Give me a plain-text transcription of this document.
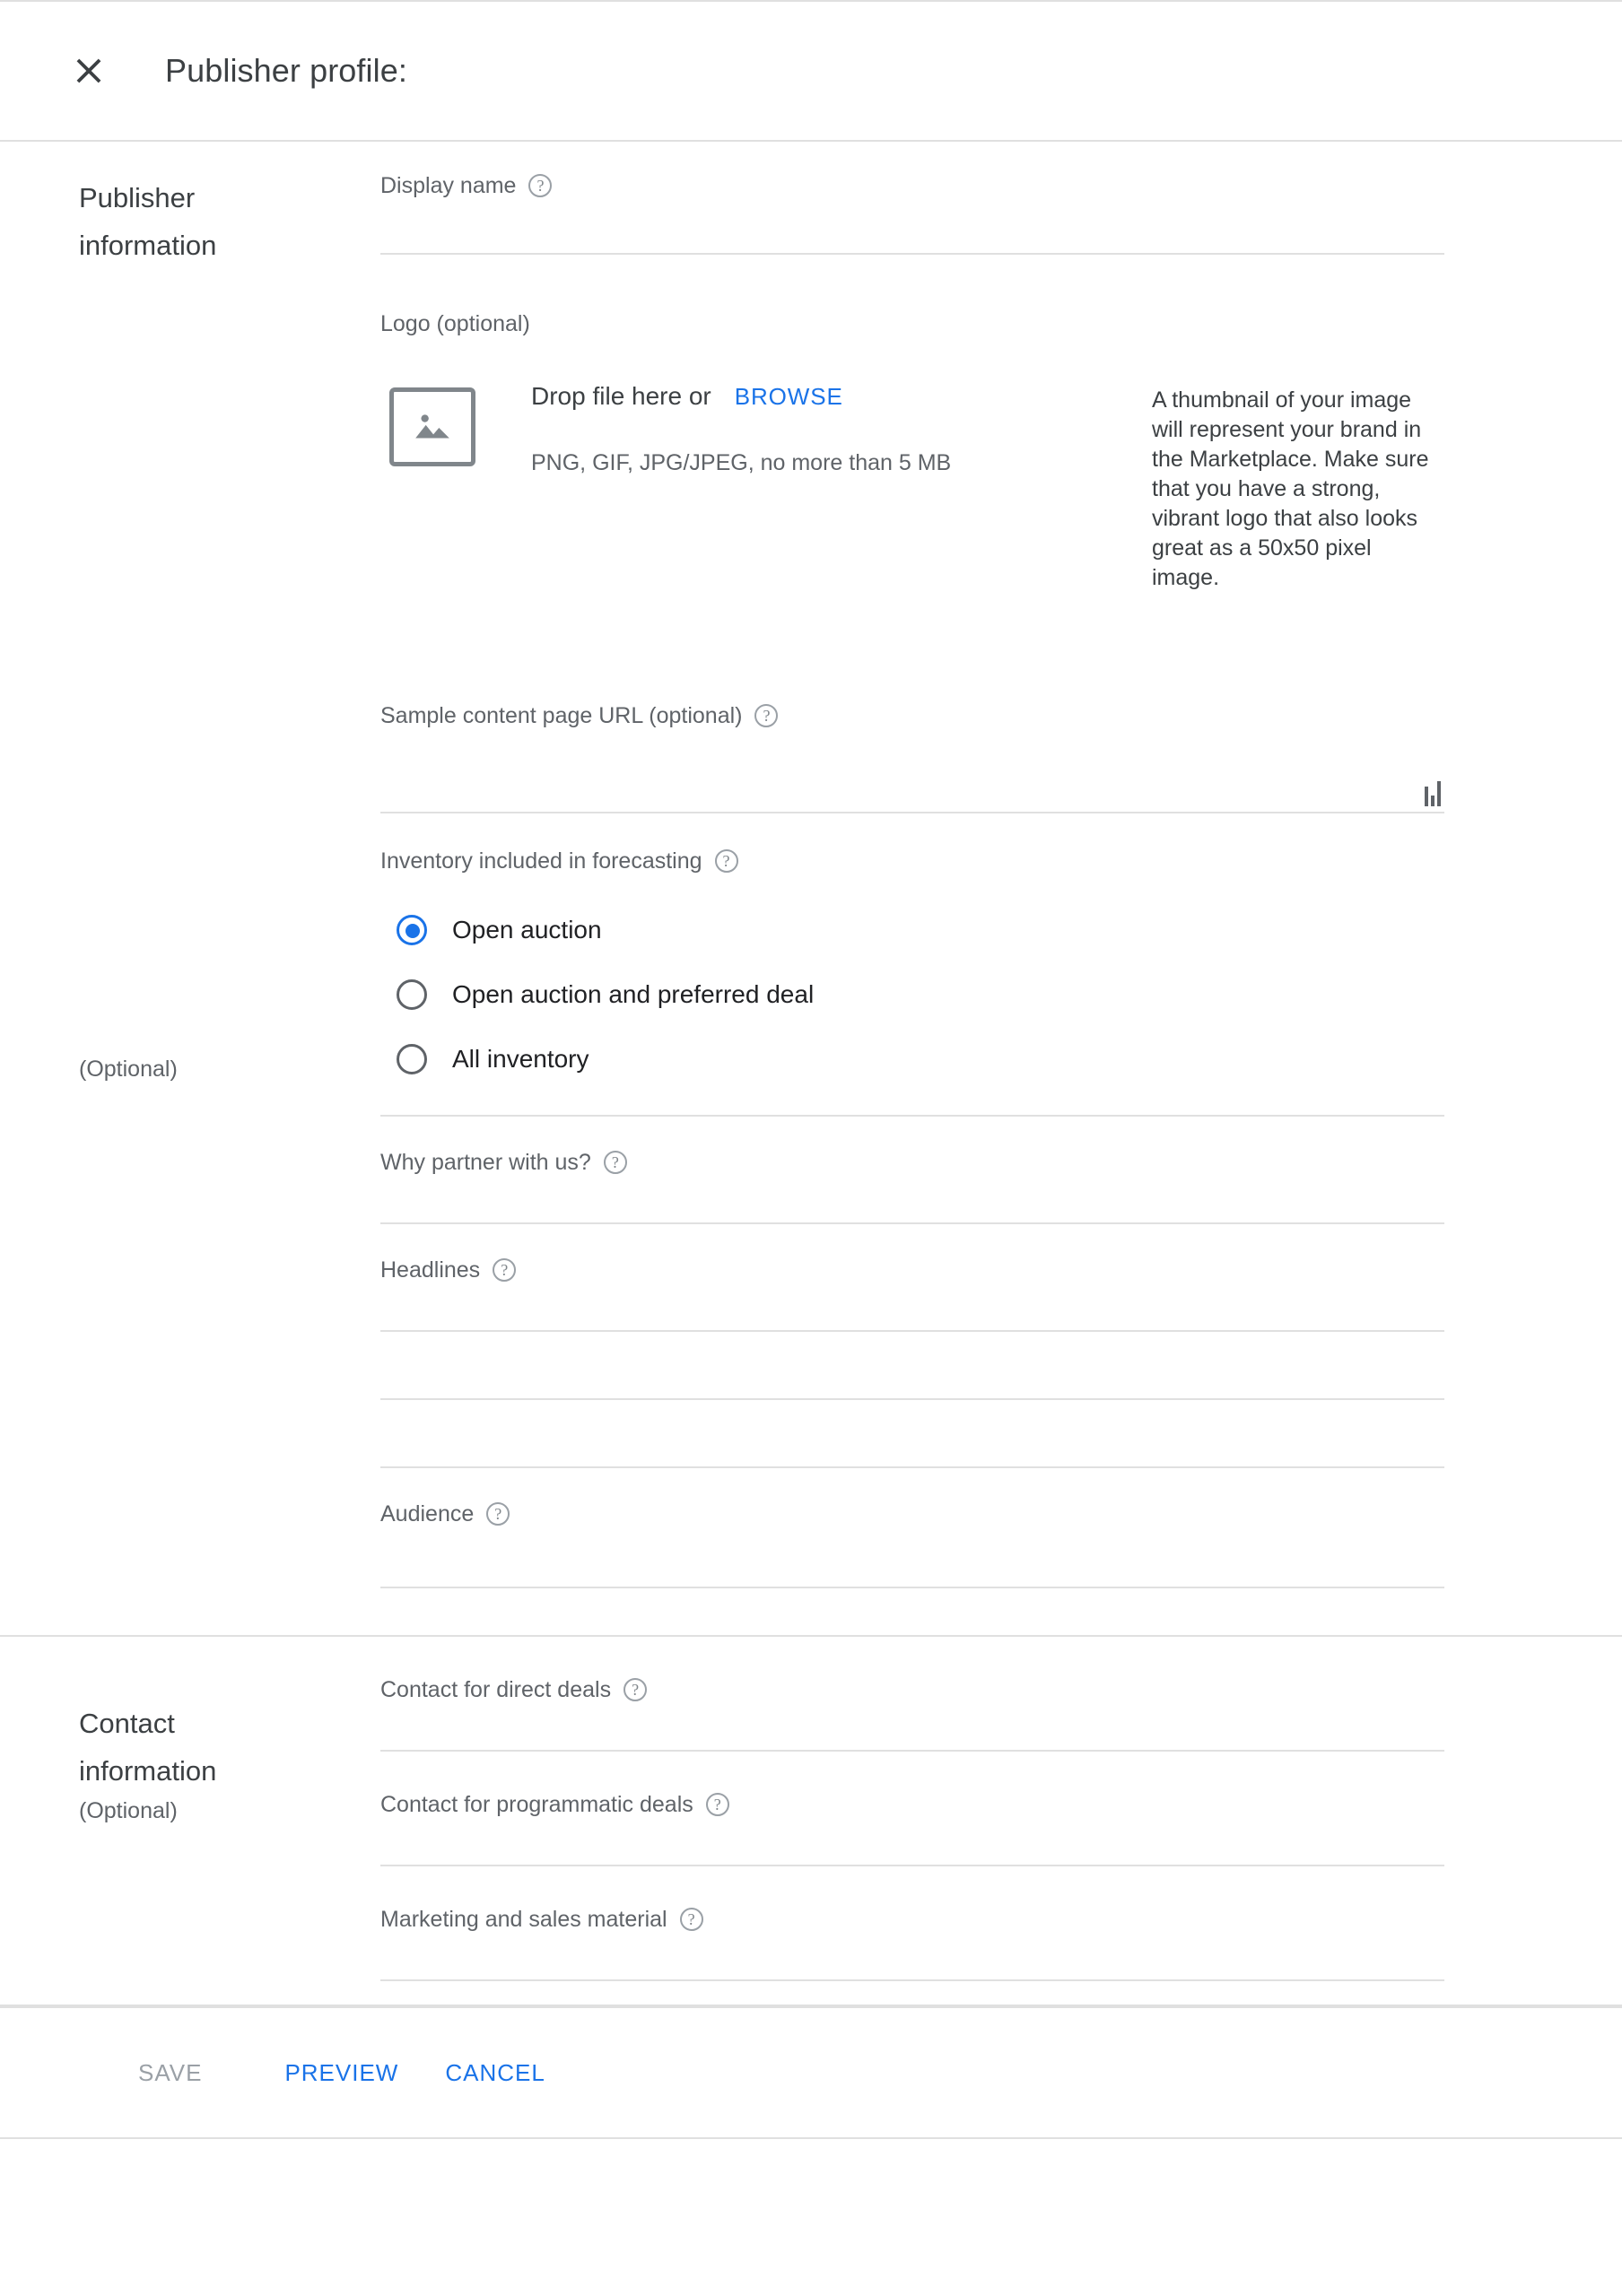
Publisher profile:
Publisher information
(Optional)
Display name	?
Logo (optional)
Drop file here or BROWSE
PNG, GIF, JPG/JPEG, no more than 5 MB
A thumbnail of your image will represent your brand in the Marketplace. Make sure that you have a strong, vibrant logo that also looks great as a 50x50 pixel image.
Sample content page URL (optional)	?
Inventory included in forecasting	?
Open auction
Open auction and preferred deal
All inventory
Why partner with us?	?
Headlines	?
Audience	?
Contact information
(Optional)
Contact for direct deals	?
Contact for programmatic deals	?
Marketing and sales material	?
SAVE	PREVIEW	CANCEL
